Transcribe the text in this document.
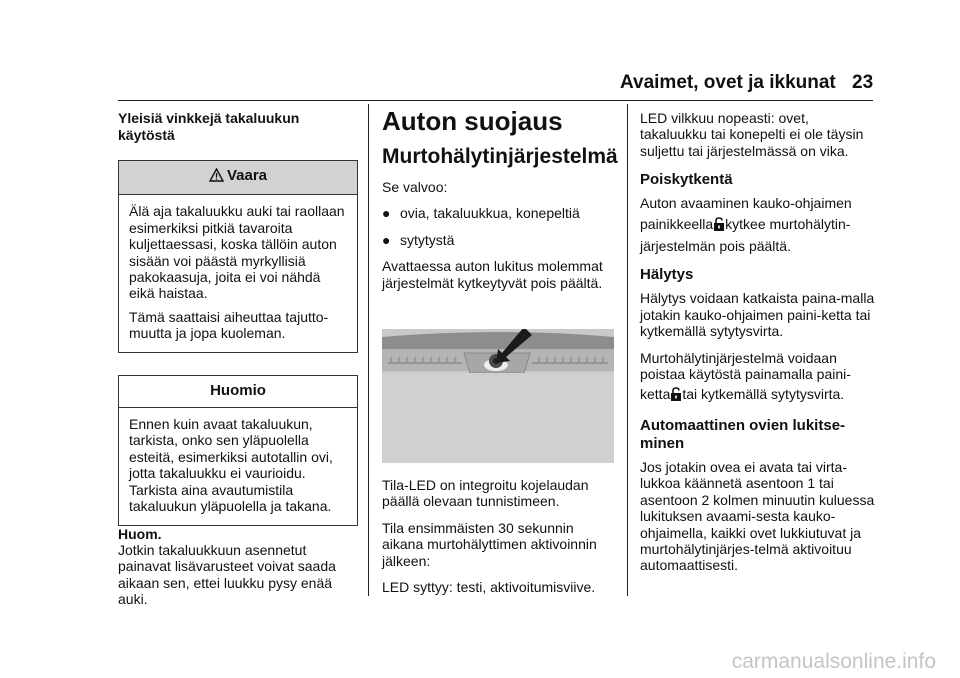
Avaimet, ovet ja ikkunat 23
Yleisiä vinkkejä takaluukun käytöstä
Vaara

Älä aja takaluukku auki tai raollaan esimerkiksi pitkiä tavaroita kuljettaessasi, koska tällöin auton sisään voi päästä myrkyllisiä pakokaasuja, joita ei voi nähdä eikä haistaa.

Tämä saattaisi aiheuttaa tajutto-muutta ja jopa kuoleman.

Huomio

Ennen kuin avaat takaluukun, tarkista, onko sen yläpuolella esteitä, esimerkiksi autotallin ovi, jotta takaluukku ei vaurioidu. Tarkista aina avautumistila takaluukun yläpuolella ja takana.

Huom.

Jotkin takaluukkuun asennetut painavat lisävarusteet voivat saada aikaan sen, ettei luukku pysy enää auki.

Auton suojaus
Murtohälytinjärjestelmä

Se valvoo:

● ovia, takaluukkua, konepeltiä

● sytytystä

Avattaessa auton lukitus molemmat järjestelmät kytkeytyvät pois päältä.

Tila-LED on integroitu kojelaudan päällä olevaan tunnistimeen.

Tila ensimmäisten 30 sekunnin aikana murtohälyttimen aktivoinnin jälkeen:

LED syttyy: testi, aktivoitumisviive.

LED vilkkuu nopeasti: ovet, takaluukku tai konepelti ei ole täysin suljettu tai järjestelmässä on vika.

Poiskytkentä

Auton avaaminen kauko-ohjaimen

painikkeella kytkee murtohälytin-

järjestelmän pois päältä.

Hälytys

Hälytys voidaan katkaista paina-malla jotakin kauko-ohjaimen paini-ketta tai kytkemällä sytytysvirta.

Murtohälytinjärjestelmä voidaan poistaa käytöstä painamalla paini-

ketta tai kytkemällä sytytysvirta.

Automaattinen ovien lukitse-minen

Jos jotakin ovea ei avata tai virta-lukkoa käännetä asentoon 1 tai asentoon 2 kolmen minuutin kuluessa lukituksen avaami-sesta kauko-ohjaimella, kaikki ovet lukkiutuvat ja murtohälytinjärjes-telmä aktivoituu automaattisesti.

carmanualsonline.info
